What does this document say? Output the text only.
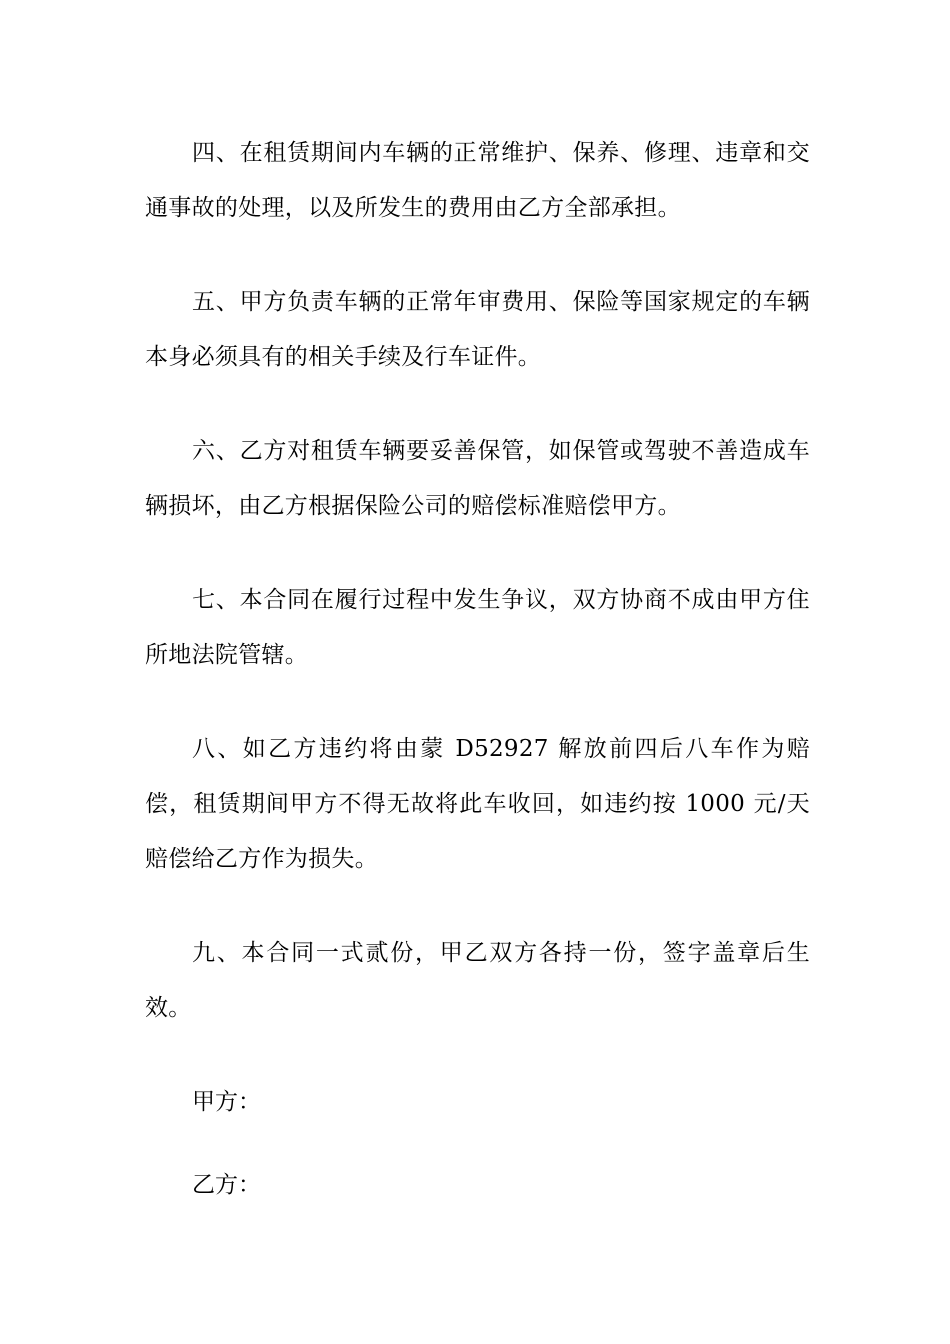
四、在租赁期间内车辆的正常维护、保养、修理、违章和交通事故的处理，以及所发生的费用由乙方全部承担。

五、甲方负责车辆的正常年审费用、保险等国家规定的车辆本身必须具有的相关手续及行车证件。

六、乙方对租赁车辆要妥善保管，如保管或驾驶不善造成车辆损坏，由乙方根据保险公司的赔偿标准赔偿甲方。

七、本合同在履行过程中发生争议，双方协商不成由甲方住所地法院管辖。

八、如乙方违约将由蒙 D52927 解放前四后八车作为赔偿，租赁期间甲方不得无故将此车收回，如违约按 1000 元/天赔偿给乙方作为损失。

九、本合同一式贰份，甲乙双方各持一份，签字盖章后生效。

甲方：

乙方：
